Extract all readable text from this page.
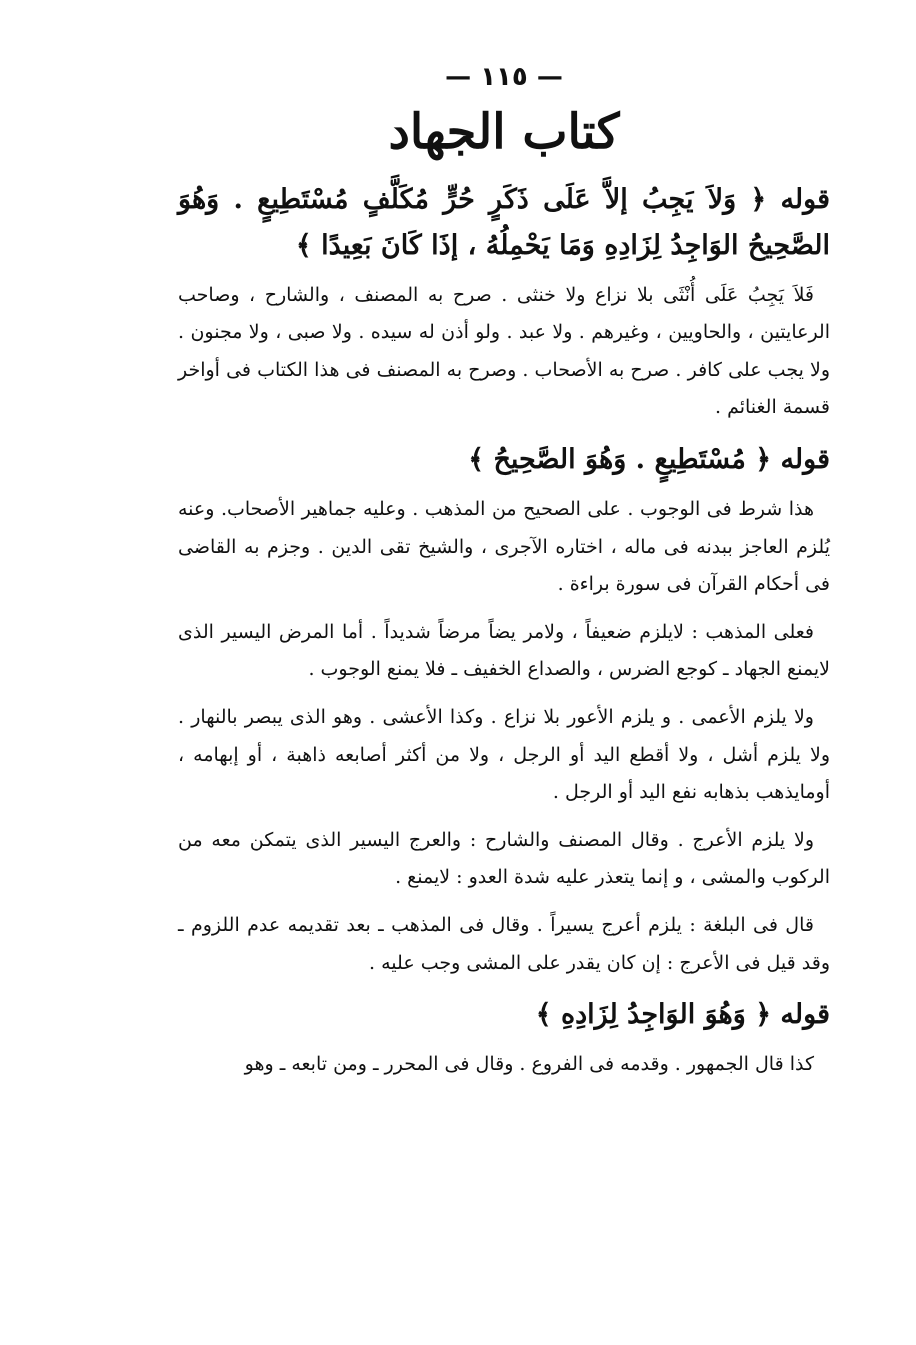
— ١١٥ —
كتاب الجهاد
قوله ﴿ وَلاَ يَجِبُ إلاَّ عَلَى ذَكَرٍ حُرٍّ مُكَلَّفٍ مُسْتَطِيعٍ . وَهُوَ الصَّحِيحُ الوَاجِدُ لِزَادِهِ وَمَا يَحْمِلُهُ ، إذَا كَانَ بَعِيدًا ﴾
فَلاَ يَجِبُ عَلَى أُنْثَى بلا نزاع ولا خنثى . صرح به المصنف ، والشارح ، وصاحب الرعايتين ، والحاويين ، وغيرهم . ولا عبد . ولو أذن له سيده . ولا صبى ، ولا مجنون . ولا يجب على كافر . صرح به الأصحاب . وصرح به المصنف فى هذا الكتاب فى أواخر قسمة الغنائم .
قوله ﴿ مُسْتَطِيعٍ . وَهُوَ الصَّحِيحُ ﴾
هذا شرط فى الوجوب . على الصحيح من المذهب . وعليه جماهير الأصحاب. وعنه يُلزم العاجز ببدنه فى ماله ، اختاره الآجرى ، والشيخ تقى الدين . وجزم به القاضى فى أحكام القرآن فى سورة براءة .
فعلى المذهب : لايلزم ضعيفاً ، ولامر يضاً مرضاً شديداً . أما المرض اليسير الذى لايمنع الجهاد ـ كوجع الضرس ، والصداع الخفيف ـ فلا يمنع الوجوب .
ولا يلزم الأعمى . و يلزم الأعور بلا نزاع . وكذا الأعشى . وهو الذى يبصر بالنهار . ولا يلزم أشل ، ولا أقطع اليد أو الرجل ، ولا من أكثر أصابعه ذاهبة ، أو إبهامه ، أومايذهب بذهابه نفع اليد أو الرجل .
ولا يلزم الأعرج . وقال المصنف والشارح : والعرج اليسير الذى يتمكن معه من الركوب والمشى ، و إنما يتعذر عليه شدة العدو : لايمنع .
قال فى البلغة : يلزم أعرج يسيراً . وقال فى المذهب ـ بعد تقديمه عدم اللزوم ـ وقد قيل فى الأعرج : إن كان يقدر على المشى وجب عليه .
قوله ﴿ وَهُوَ الوَاجِدُ لِزَادِهِ ﴾
كذا قال الجمهور . وقدمه فى الفروع . وقال فى المحرر ـ ومن تابعه ـ وهو
